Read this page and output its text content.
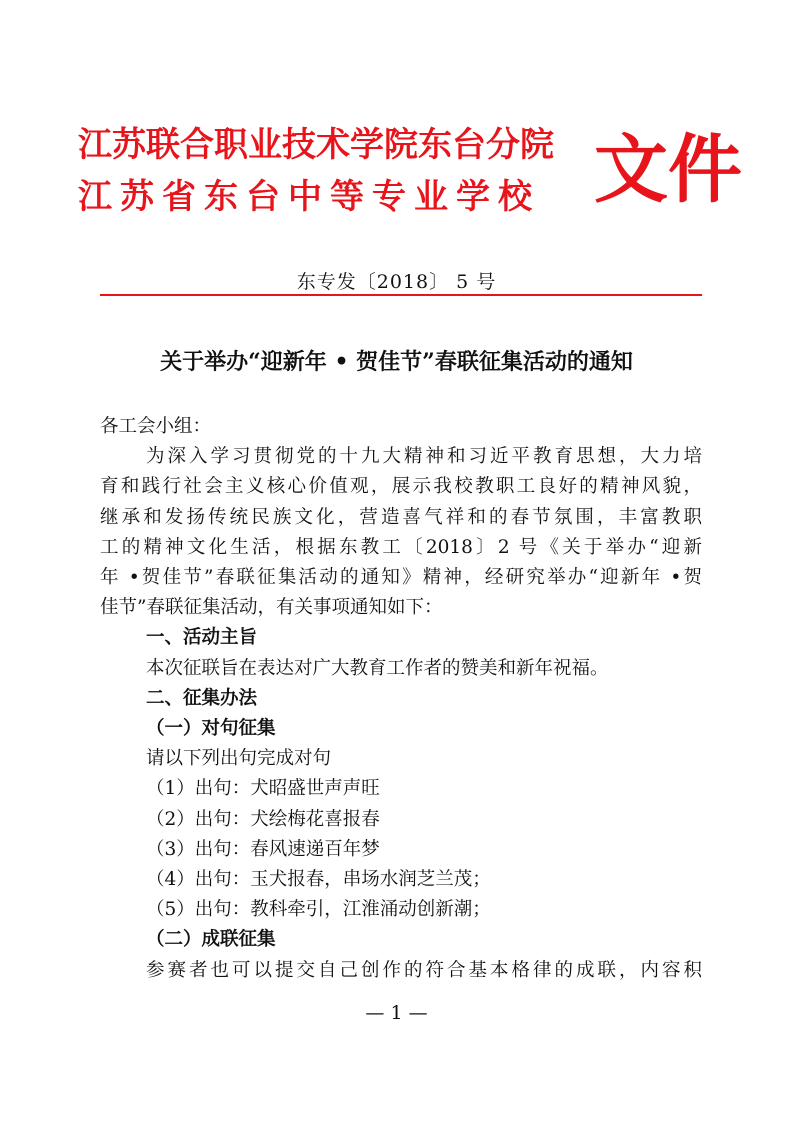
江苏联合职业技术学院东台分院
江苏省东台中等专业学校 文件
东专发〔2018〕 5 号
关于举办“迎新年 • 贺佳节”春联征集活动的通知

各工会小组：

为深入学习贯彻党的十九大精神和习近平教育思想，大力培

育和践行社会主义核心价值观，展示我校教职工良好的精神风貌，

继承和发扬传统民族文化，营造喜气祥和的春节氛围，丰富教职

工的精神文化生活，根据东教工〔2018〕2 号《关于举办“迎新

年 •贺佳节”春联征集活动的通知》精神，经研究举办“迎新年 •贺

佳节”春联征集活动，有关事项通知如下：

一、活动主旨

本次征联旨在表达对广大教育工作者的赞美和新年祝福。

二、征集办法

（一）对句征集

请以下列出句完成对句

（1）出句：犬昭盛世声声旺

（2）出句：犬绘梅花喜报春

（3）出句：春风速递百年梦

（4）出句：玉犬报春，串场水润芝兰茂；

（5）出句：教科牵引，江淮涌动创新潮；

（二）成联征集

参赛者也可以提交自己创作的符合基本格律的成联，内容积

— 1 —
